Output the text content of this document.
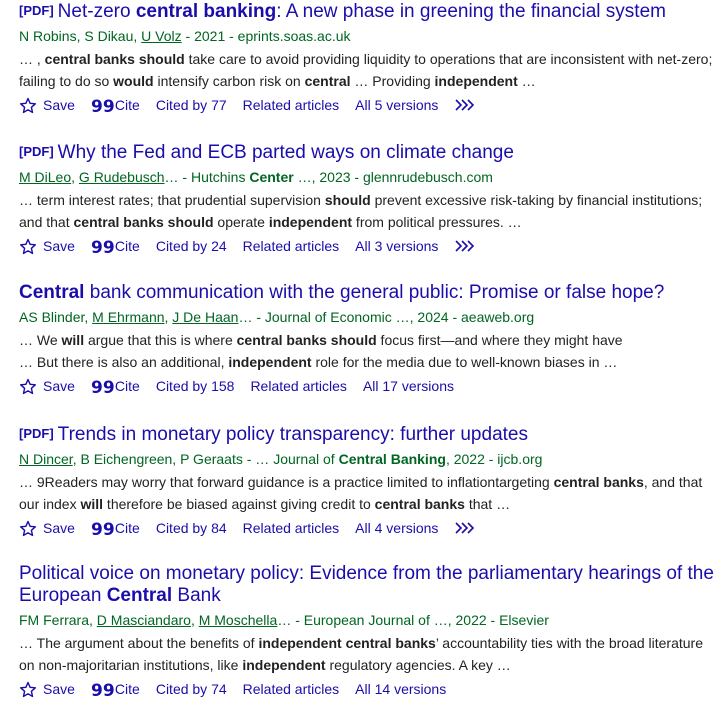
[PDF] Net-zero central banking: A new phase in greening the financial system
N Robins, S Dikau, U Volz - 2021 - eprints.soas.ac.uk
… , central banks should take care to avoid providing liquidity to operations that are inconsistent with net-zero; failing to do so would intensify carbon risk on central … Providing independent …
Save 99 Cite Cited by 77 Related articles All 5 versions
[PDF] Why the Fed and ECB parted ways on climate change
M DiLeo, G Rudebusch… - Hutchins Center …, 2023 - glennrudebusch.com
… term interest rates; that prudential supervision should prevent excessive risk-taking by financial institutions; and that central banks should operate independent from political pressures. …
Save 99 Cite Cited by 24 Related articles All 3 versions
Central bank communication with the general public: Promise or false hope?
AS Blinder, M Ehrmann, J De Haan… - Journal of Economic …, 2024 - aeaweb.org
… We will argue that this is where central banks should focus first—and where they might have
… But there is also an additional, independent role for the media due to well-known biases in …
Save 99 Cite Cited by 158 Related articles All 17 versions
[PDF] Trends in monetary policy transparency: further updates
N Dincer, B Eichengreen, P Geraats - … Journal of Central Banking, 2022 - ijcb.org
… 9Readers may worry that forward guidance is a practice limited to inflationtargeting central banks, and that our index will therefore be biased against giving credit to central banks that …
Save 99 Cite Cited by 84 Related articles All 4 versions
Political voice on monetary policy: Evidence from the parliamentary hearings of the European Central Bank
FM Ferrara, D Masciandaro, M Moschella… - European Journal of …, 2022 - Elsevier
… The argument about the benefits of independent central banks’ accountability ties with the broad literature on non-majoritarian institutions, like independent regulatory agencies. A key …
Save 99 Cite Cited by 74 Related articles All 14 versions
